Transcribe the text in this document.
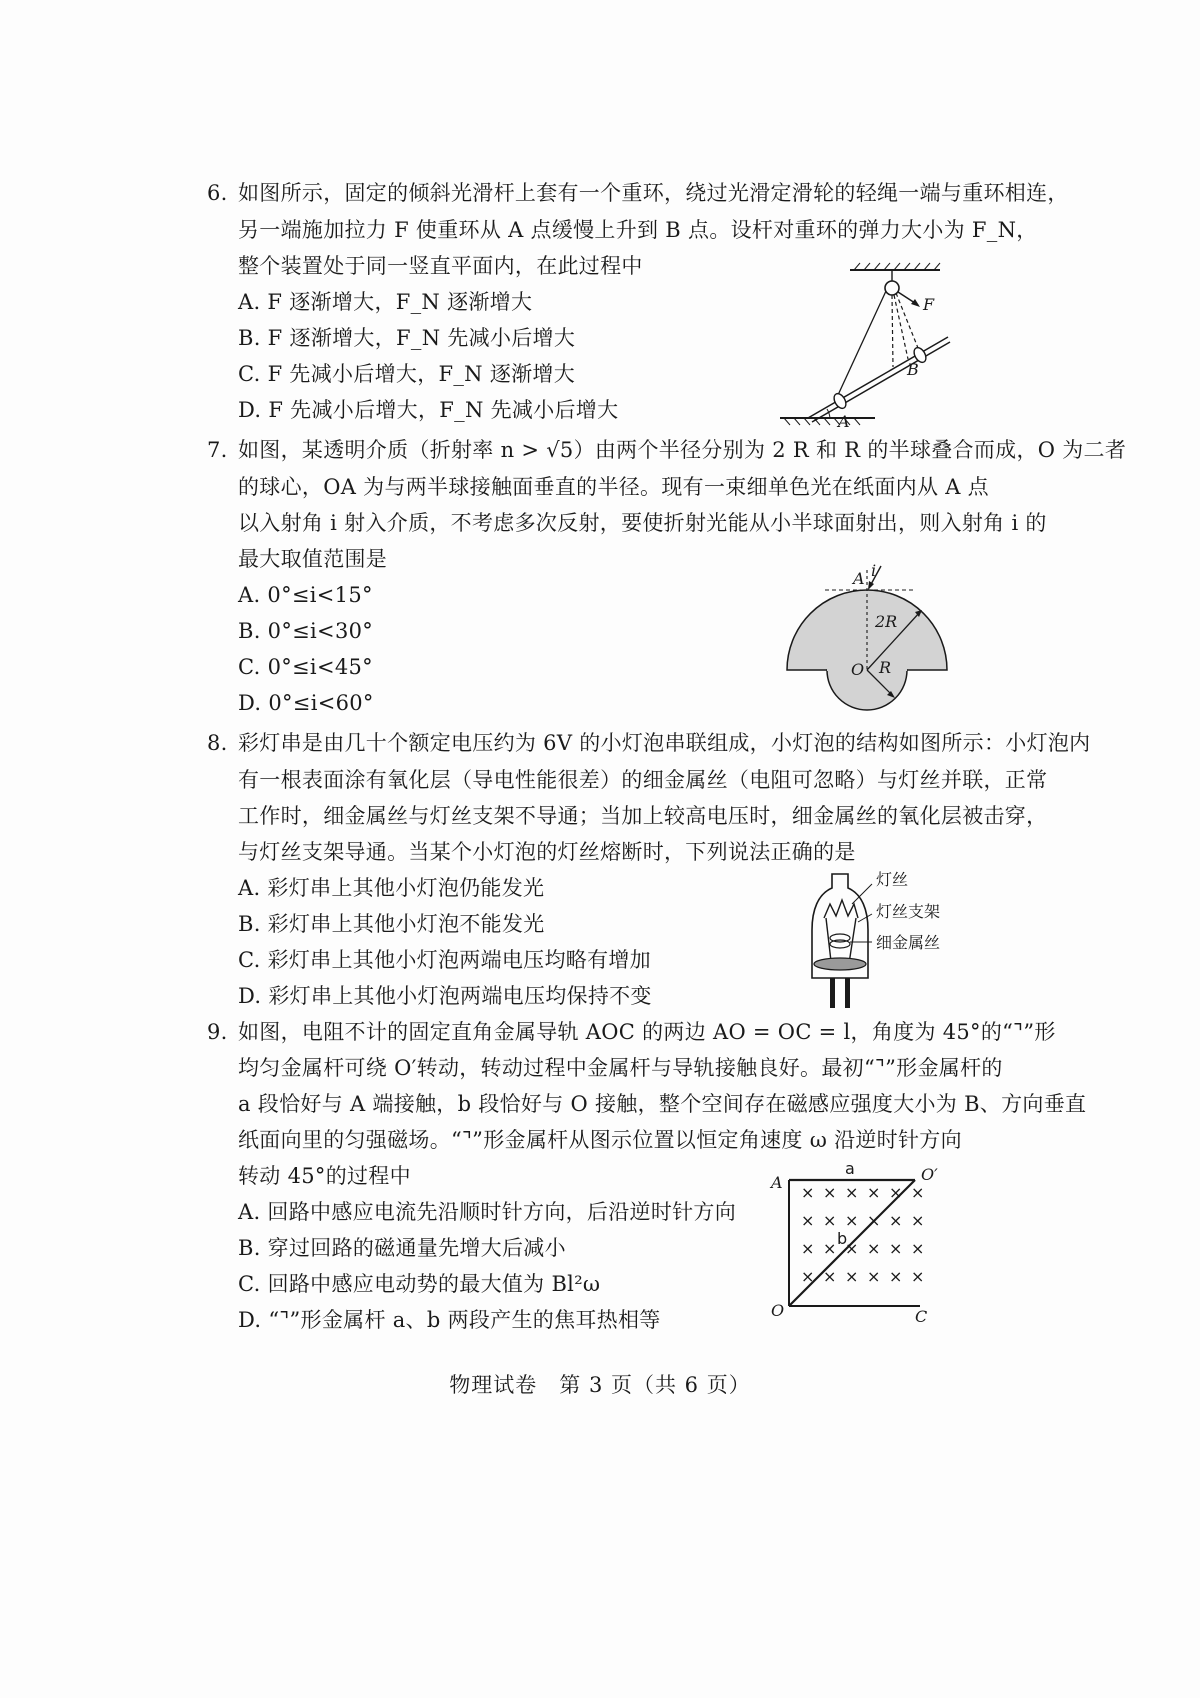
6. 如图所示，固定的倾斜光滑杆上套有一个重环，绕过光滑定滑轮的轻绳一端与重环相连，
另一端施加拉力 F 使重环从 A 点缓慢上升到 B 点。设杆对重环的弹力大小为 F_N，
整个装置处于同一竖直平面内，在此过程中
A. F 逐渐增大，F_N 逐渐增大
B. F 逐渐增大，F_N 先减小后增大
C. F 先减小后增大，F_N 逐渐增大
D. F 先减小后增大，F_N 先减小后增大
F
A
B
7. 如图，某透明介质（折射率 n > √5）由两个半径分别为 2 R 和 R 的半球叠合而成，O 为二者
的球心，OA 为与两半球接触面垂直的半径。现有一束细单色光在纸面内从 A 点
以入射角 i 射入介质，不考虑多次反射，要使折射光能从小半球面射出，则入射角 i 的
最大取值范围是
A. 0°≤i<15°
B. 0°≤i<30°
C. 0°≤i<45°
D. 0°≤i<60°
i
A
2R
R
O
8. 彩灯串是由几十个额定电压约为 6V 的小灯泡串联组成，小灯泡的结构如图所示：小灯泡内
有一根表面涂有氧化层（导电性能很差）的细金属丝（电阻可忽略）与灯丝并联，正常
工作时，细金属丝与灯丝支架不导通；当加上较高电压时，细金属丝的氧化层被击穿，
与灯丝支架导通。当某个小灯泡的灯丝熔断时，下列说法正确的是
A. 彩灯串上其他小灯泡仍能发光
B. 彩灯串上其他小灯泡不能发光
C. 彩灯串上其他小灯泡两端电压均略有增加
D. 彩灯串上其他小灯泡两端电压均保持不变
灯丝
灯丝支架
细金属丝
9. 如图，电阻不计的固定直角金属导轨 AOC 的两边 AO = OC = l，角度为 45°的“⌝”形
均匀金属杆可绕 O′转动，转动过程中金属杆与导轨接触良好。最初“⌝”形金属杆的
a 段恰好与 A 端接触，b 段恰好与 O 接触，整个空间存在磁感应强度大小为 B、方向垂直
纸面向里的匀强磁场。“⌝”形金属杆从图示位置以恒定角速度 ω 沿逆时针方向
转动 45°的过程中
A. 回路中感应电流先沿顺时针方向，后沿逆时针方向
B. 穿过回路的磁通量先增大后减小
C. 回路中感应电动势的最大值为 Bl²ω
D. “⌝”形金属杆 a、b 两段产生的焦耳热相等
× × × × × ×
× × × × × ×
× × × × × ×
× × × × × ×
a
b
A	O′
O	C
物理试卷　第 3 页（共 6 页）
